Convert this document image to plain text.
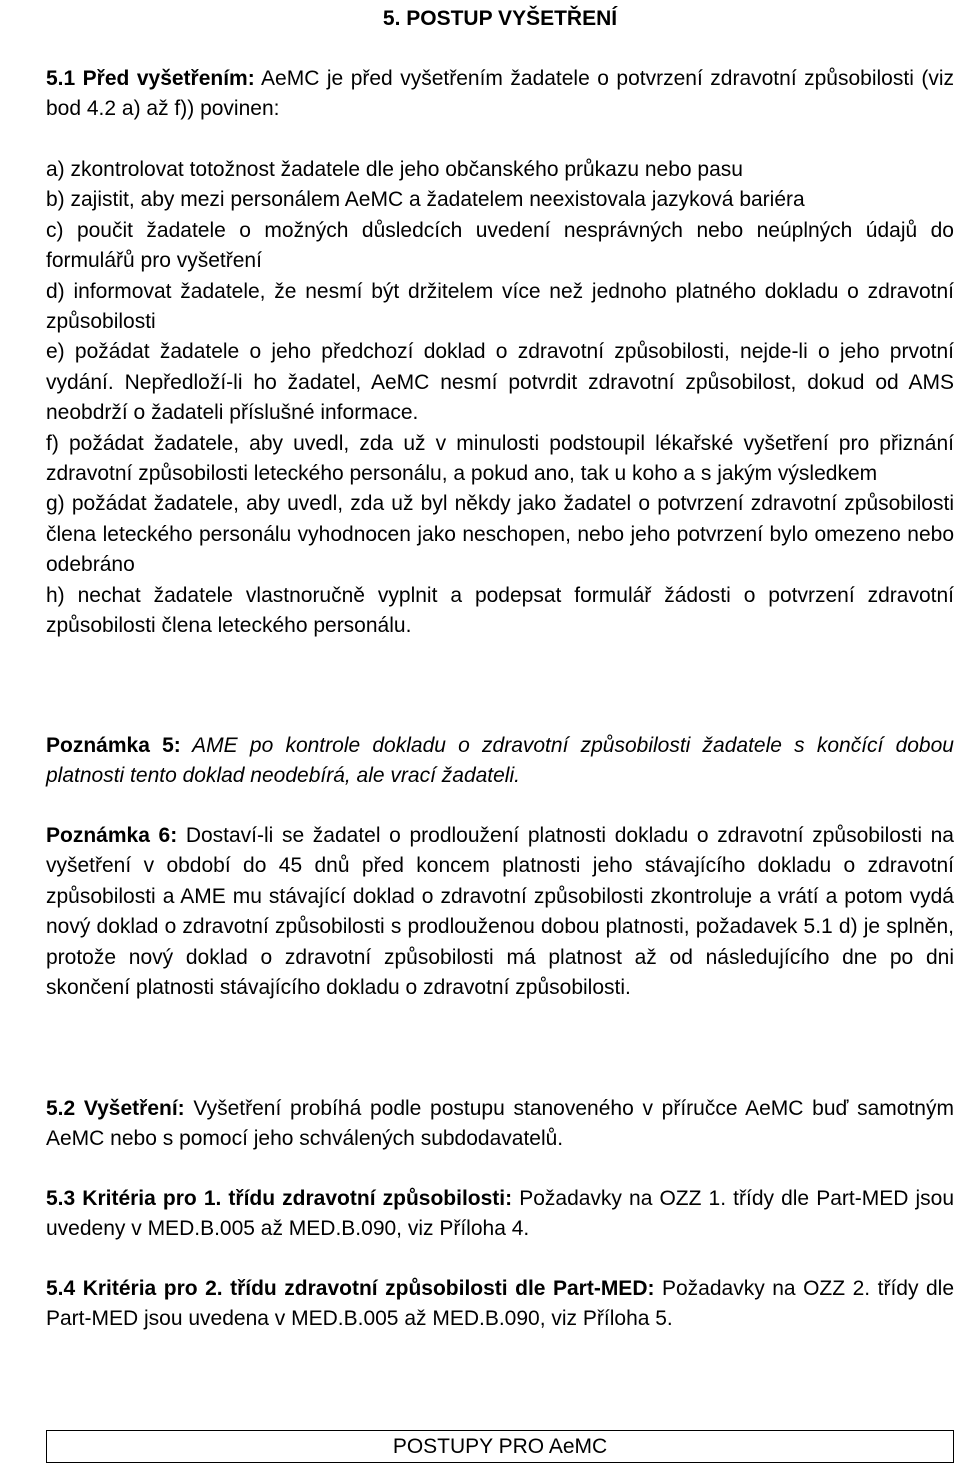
5. POSTUP VYŠETŘENÍ

5.1 Před vyšetřením: AeMC je před vyšetřením žadatele o potvrzení zdravotní způsobilosti (viz bod 4.2 a) až f)) povinen:

a) zkontrolovat totožnost žadatele dle jeho občanského průkazu nebo pasu

b) zajistit, aby mezi personálem AeMC a žadatelem neexistovala jazyková bariéra

c) poučit žadatele o možných důsledcích uvedení nesprávných nebo neúplných údajů do formulářů pro vyšetření

d) informovat žadatele, že nesmí být držitelem více než jednoho platného dokladu o zdravotní způsobilosti

e) požádat žadatele o jeho předchozí doklad o zdravotní způsobilosti, nejde-li o jeho prvotní vydání. Nepředloží-li ho žadatel, AeMC nesmí potvrdit zdravotní způsobilost, dokud od AMS neobdrží o žadateli příslušné informace.

f) požádat žadatele, aby uvedl, zda už v minulosti podstoupil lékařské vyšetření pro přiznání zdravotní způsobilosti leteckého personálu, a pokud ano, tak u koho a s jakým výsledkem

g) požádat žadatele, aby uvedl, zda už byl někdy jako žadatel o potvrzení zdravotní způsobilosti člena leteckého personálu vyhodnocen jako neschopen, nebo jeho potvrzení bylo omezeno nebo odebráno

h) nechat žadatele vlastnoručně vyplnit a podepsat formulář žádosti o potvrzení zdravotní způsobilosti člena leteckého personálu.

Poznámka 5: AME po kontrole dokladu o zdravotní způsobilosti žadatele s končící dobou platnosti tento doklad neodebírá, ale vrací žadateli.

Poznámka 6: Dostaví-li se žadatel o prodloužení platnosti dokladu o zdravotní způsobilosti na vyšetření v období do 45 dnů před koncem platnosti jeho stávajícího dokladu o zdravotní způsobilosti a AME mu stávající doklad o zdravotní způsobilosti zkontroluje a vrátí a potom vydá nový doklad o zdravotní způsobilosti s prodlouženou dobou platnosti, požadavek 5.1 d) je splněn, protože nový doklad o zdravotní způsobilosti má platnost až od následujícího dne po dni skončení platnosti stávajícího dokladu o zdravotní způsobilosti.

5.2 Vyšetření: Vyšetření probíhá podle postupu stanoveného v příručce AeMC buď samotným AeMC nebo s pomocí jeho schválených subdodavatelů.

5.3 Kritéria pro 1. třídu zdravotní způsobilosti: Požadavky na OZZ 1. třídy dle Part-MED jsou uvedeny v MED.B.005 až MED.B.090, viz Příloha 4.

5.4 Kritéria pro 2. třídu zdravotní způsobilosti dle Part-MED: Požadavky na OZZ 2. třídy dle Part-MED jsou uvedena v MED.B.005 až MED.B.090, viz Příloha 5.

POSTUPY PRO AeMC
